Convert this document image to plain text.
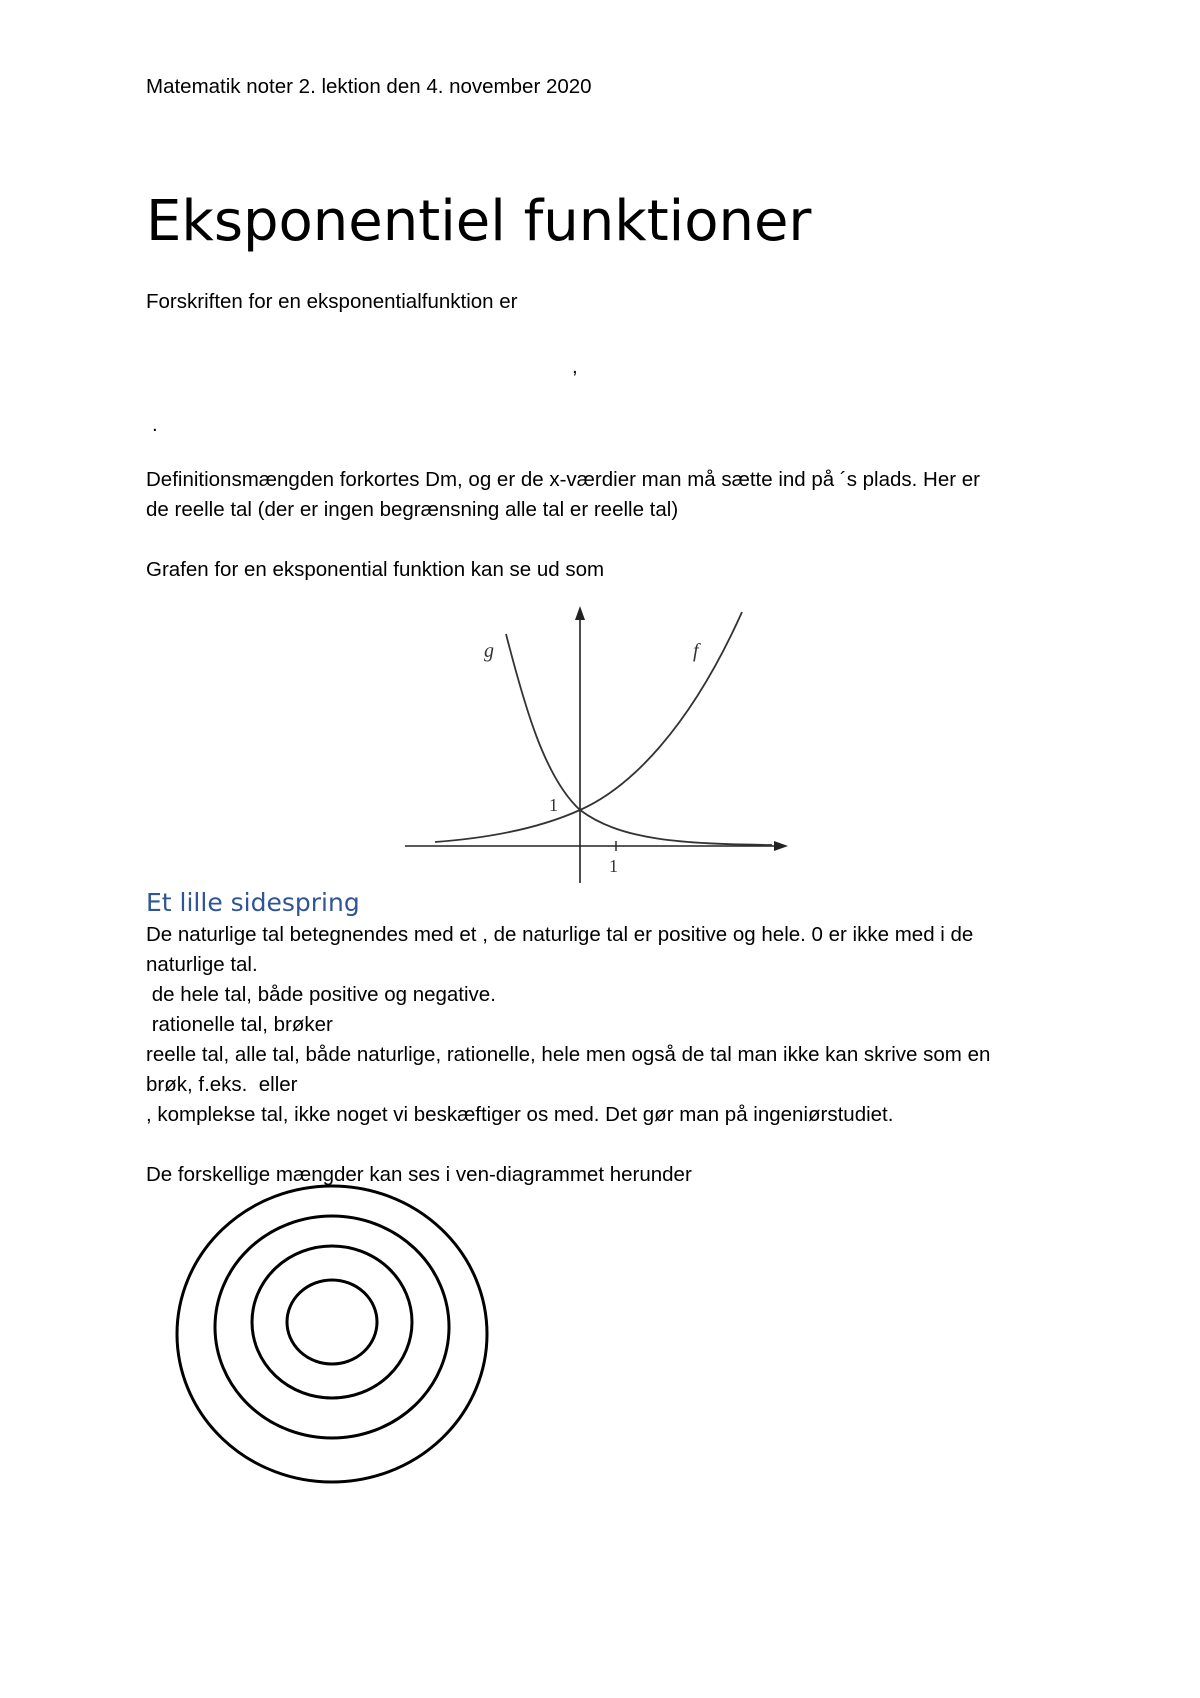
Matematik noter 2. lektion den 4. november 2020
Eksponentiel funktioner
Forskriften for en eksponentialfunktion er
,
.
Definitionsmængden forkortes Dm, og er de x-værdier man må sætte ind på ´s plads. Her er
de reelle tal (der er ingen begrænsning alle tal er reelle tal)
Grafen for en eksponential funktion kan se ud som
g	f
1
1
Et lille sidespring
De naturlige tal betegnendes med et , de naturlige tal er positive og hele. 0 er ikke med i de
naturlige tal.
de hele tal, både positive og negative.
rationelle tal, brøker
reelle tal, alle tal, både naturlige, rationelle, hele men også de tal man ikke kan skrive som en
brøk, f.eks.  eller
, komplekse tal, ikke noget vi beskæftiger os med. Det gør man på ingeniørstudiet.
De forskellige mængder kan ses i ven-diagrammet herunder
